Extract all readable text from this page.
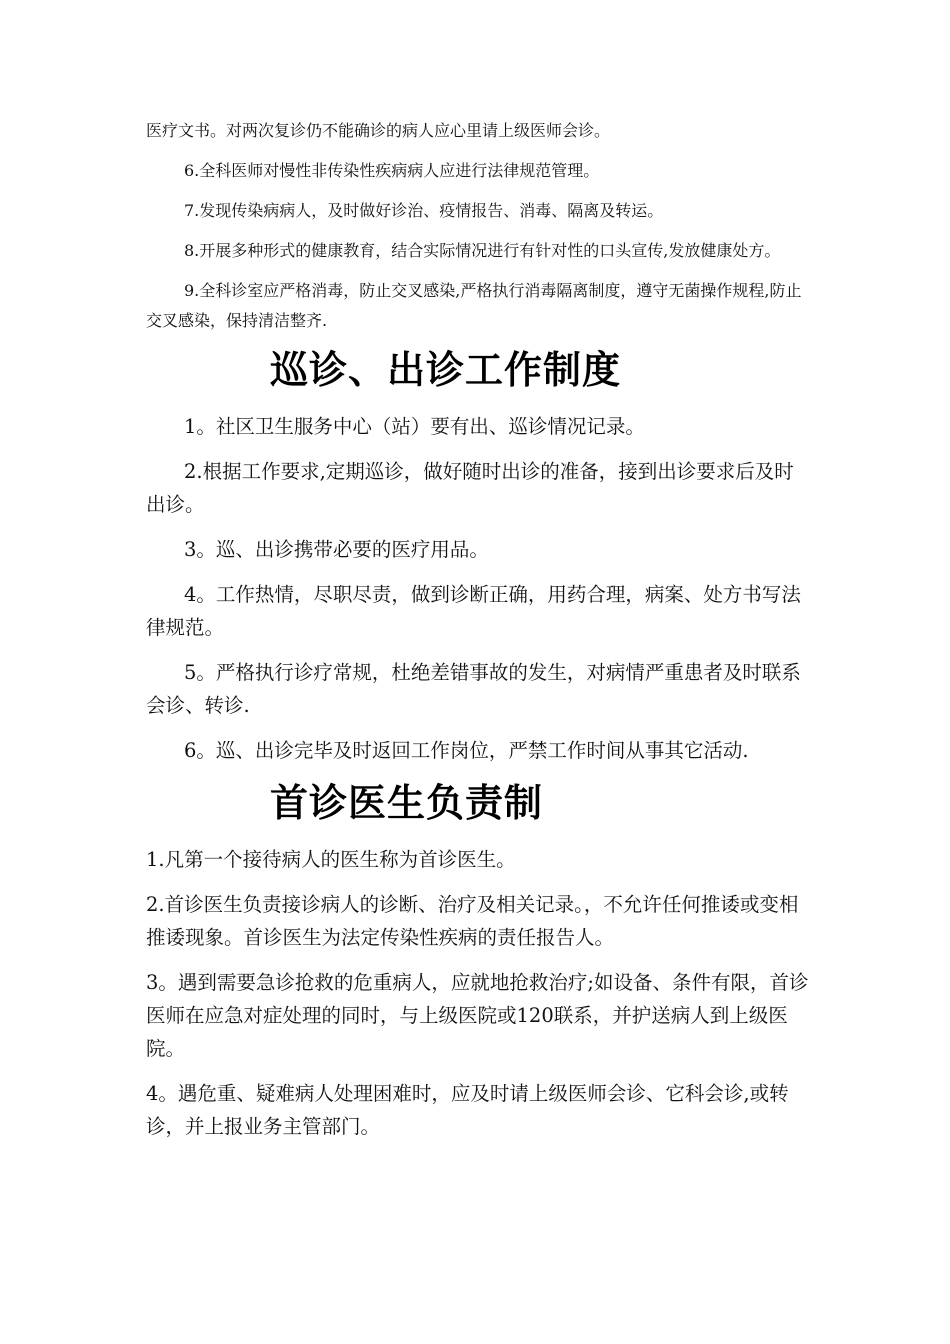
医疗文书。对两次复诊仍不能确诊的病人应心里请上级医师会诊。

6.全科医师对慢性非传染性疾病病人应进行法律规范管理。

7.发现传染病病人，及时做好诊治、疫情报告、消毒、隔离及转运。

8.开展多种形式的健康教育，结合实际情况进行有针对性的口头宣传,发放健康处方。

9.全科诊室应严格消毒，防止交叉感染,严格执行消毒隔离制度，遵守无菌操作规程,防止交叉感染，保持清洁整齐.

巡诊、出诊工作制度

1。社区卫生服务中心（站）要有出、巡诊情况记录。

2.根据工作要求,定期巡诊，做好随时出诊的准备，接到出诊要求后及时出诊。

3。巡、出诊携带必要的医疗用品。

4。工作热情，尽职尽责，做到诊断正确，用药合理，病案、处方书写法律规范。

5。严格执行诊疗常规，杜绝差错事故的发生，对病情严重患者及时联系会诊、转诊.

6。巡、出诊完毕及时返回工作岗位，严禁工作时间从事其它活动.

首诊医生负责制

1.凡第一个接待病人的医生称为首诊医生。

2.首诊医生负责接诊病人的诊断、治疗及相关记录。，不允许任何推诿或变相推诿现象。首诊医生为法定传染性疾病的责任报告人。

3。遇到需要急诊抢救的危重病人，应就地抢救治疗;如设备、条件有限，首诊医师在应急对症处理的同时，与上级医院或120联系，并护送病人到上级医院。

4。遇危重、疑难病人处理困难时，应及时请上级医师会诊、它科会诊,或转诊，并上报业务主管部门。
